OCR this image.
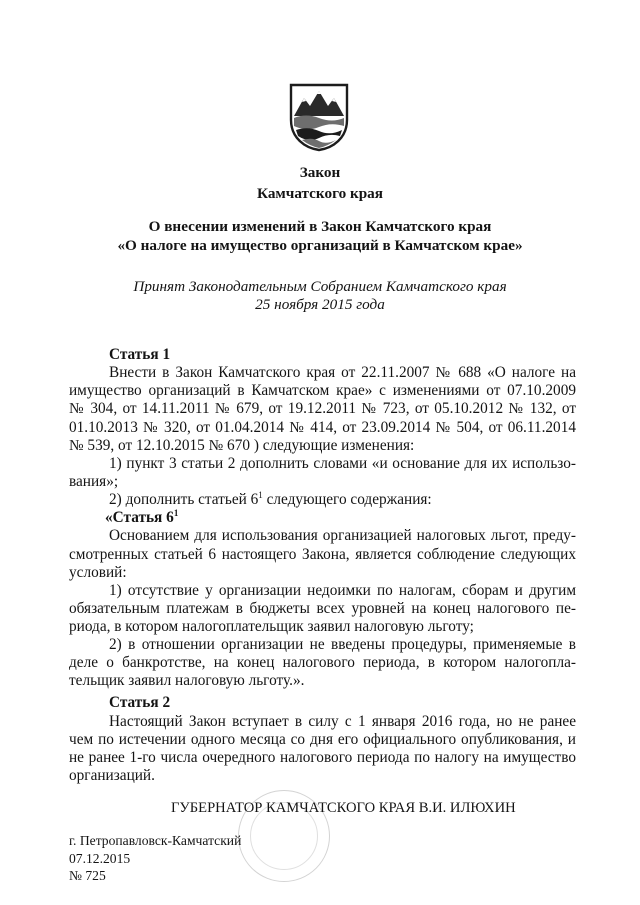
Закон
Камчатского края
О внесении изменений в Закон Камчатского края
«О налоге на имущество организаций в Камчатском крае»
Принят Законодательным Собранием Камчатского края
25 ноября 2015 года
Статья 1
Внести в Закон Камчатского края от 22.11.2007 № 688 «О налоге на
имущество организаций в Камчатском крае» с изменениями от 07.10.2009
№ 304, от 14.11.2011 № 679, от 19.12.2011 № 723, от 05.10.2012 № 132, от
01.10.2013 № 320, от 01.04.2014 № 414, от 23.09.2014 № 504, от 06.11.2014
№ 539, от 12.10.2015 № 670 ) следующие изменения:
1) пункт 3 статьи 2 дополнить словами «и основание для их использо-
вания»;
2) дополнить статьей $6^1$ следующего содержания:
«Статья $6^1$
Основанием для использования организацией налоговых льгот, преду-
смотренных статьей 6 настоящего Закона, является соблюдение следующих
условий:
1) отсутствие у организации недоимки по налогам, сборам и другим
обязательным платежам в бюджеты всех уровней на конец налогового пе-
риода, в котором налогоплательщик заявил налоговую льготу;
2) в отношении организации не введены процедуры, применяемые в
деле о банкротстве, на конец налогового периода, в котором налогопла-
тельщик заявил налоговую льготу.».
Статья 2
Настоящий Закон вступает в силу с 1 января 2016 года, но не ранее
чем по истечении одного месяца со дня его официального опубликования, и
не ранее 1-го числа очередного налогового периода по налогу на имущество
организаций.
ГУБЕРНАТОР КАМЧАТСКОГО КРАЯ В.И. ИЛЮХИН
г. Петропавловск-Камчатский
07.12.2015
№ 725
